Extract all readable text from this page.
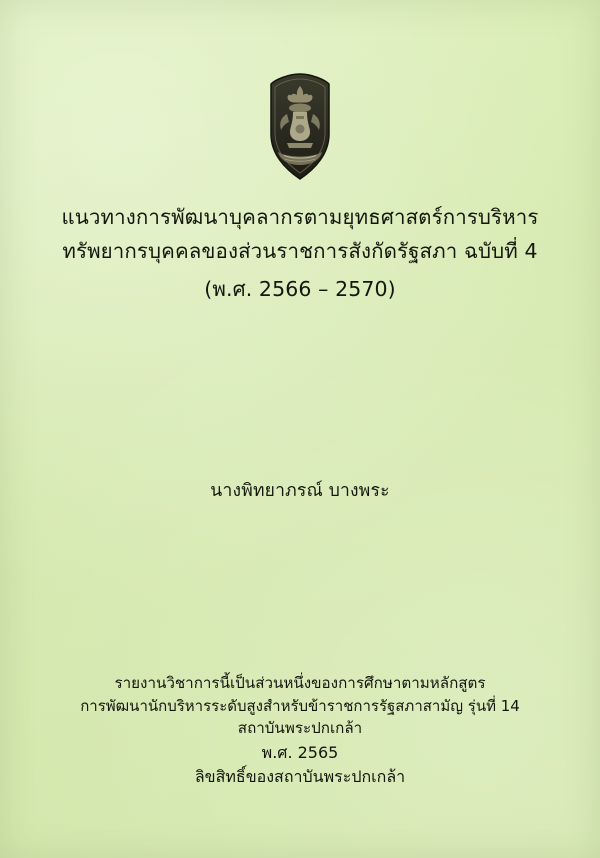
แนวทางการพัฒนาบุคลากรตามยุทธศาสตร์การบริหาร
ทรัพยากรบุคคลของส่วนราชการสังกัดรัฐสภา ฉบับที่ 4
(พ.ศ. 2566 – 2570)
นางพิทยาภรณ์ บางพระ
รายงานวิชาการนี้เป็นส่วนหนึ่งของการศึกษาตามหลักสูตร
การพัฒนานักบริหารระดับสูงสำหรับข้าราชการรัฐสภาสามัญ รุ่นที่ 14
สถาบันพระปกเกล้า
พ.ศ. 2565
ลิขสิทธิ์ของสถาบันพระปกเกล้า
